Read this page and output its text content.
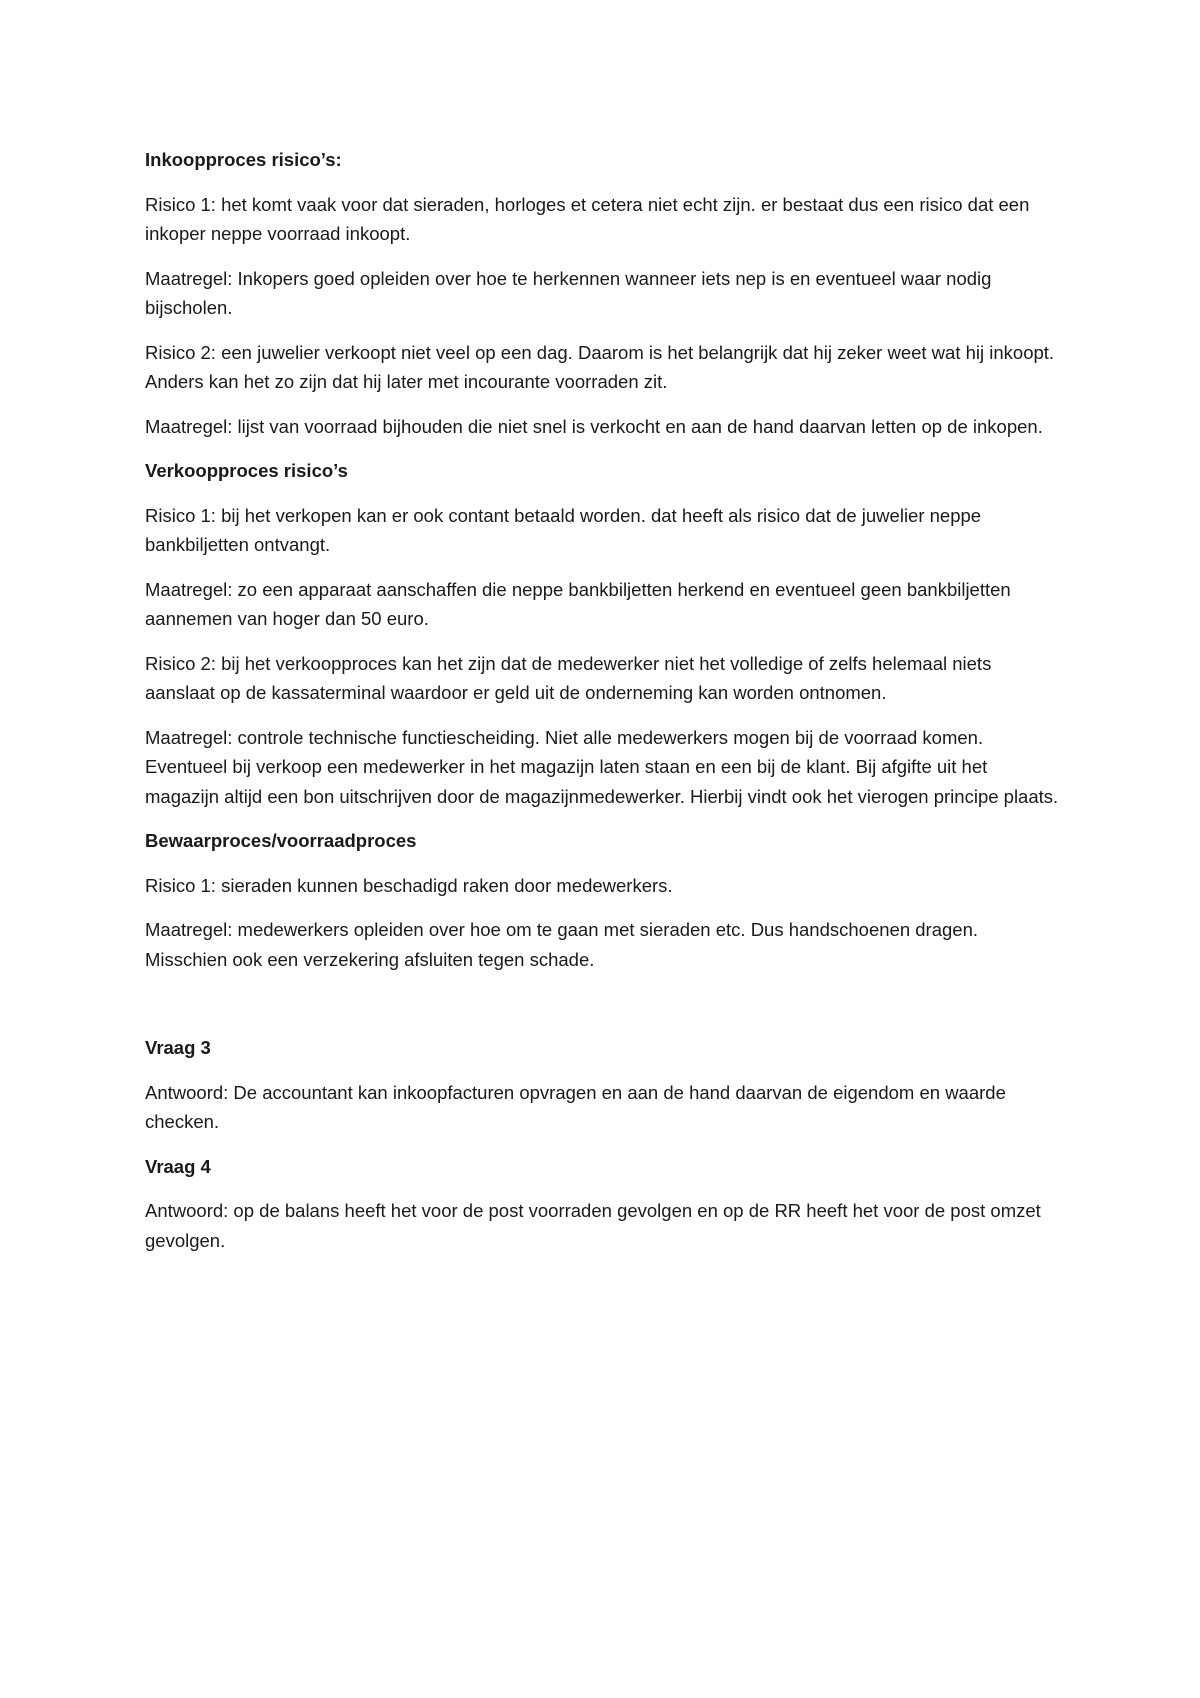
Inkoopproces risico’s:
Risico 1: het komt vaak voor dat sieraden, horloges et cetera niet echt zijn. er bestaat dus een risico dat een inkoper neppe voorraad inkoopt.
Maatregel: Inkopers goed opleiden over hoe te herkennen wanneer iets nep is en eventueel waar nodig bijscholen.
Risico 2: een juwelier verkoopt niet veel op een dag. Daarom is het belangrijk dat hij zeker weet wat hij inkoopt. Anders kan het zo zijn dat hij later met incourante voorraden zit.
Maatregel: lijst van voorraad bijhouden die niet snel is verkocht en aan de hand daarvan letten op de inkopen.
Verkoopproces risico’s
Risico 1: bij het verkopen kan er ook contant betaald worden. dat heeft als risico dat de juwelier neppe bankbiljetten ontvangt.
Maatregel: zo een apparaat aanschaffen die neppe bankbiljetten herkend en eventueel geen bankbiljetten aannemen van hoger dan 50 euro.
Risico 2: bij het verkoopproces kan het zijn dat de medewerker niet het volledige of zelfs helemaal niets aanslaat op de kassaterminal waardoor er geld uit de onderneming kan worden ontnomen.
Maatregel: controle technische functiescheiding. Niet alle medewerkers mogen bij de voorraad komen. Eventueel bij verkoop een medewerker in het magazijn laten staan en een bij de klant. Bij afgifte uit het magazijn altijd een bon uitschrijven door de magazijnmedewerker. Hierbij vindt ook het vierogen principe plaats.
Bewaarproces/voorraadproces
Risico 1: sieraden kunnen beschadigd raken door medewerkers.
Maatregel: medewerkers opleiden over hoe om te gaan met sieraden etc. Dus handschoenen dragen. Misschien ook een verzekering afsluiten tegen schade.
Vraag 3
Antwoord: De accountant kan inkoopfacturen opvragen en aan de hand daarvan de eigendom en waarde checken.
Vraag 4
Antwoord: op de balans heeft het voor de post voorraden gevolgen en op de RR heeft het voor de post omzet gevolgen.
